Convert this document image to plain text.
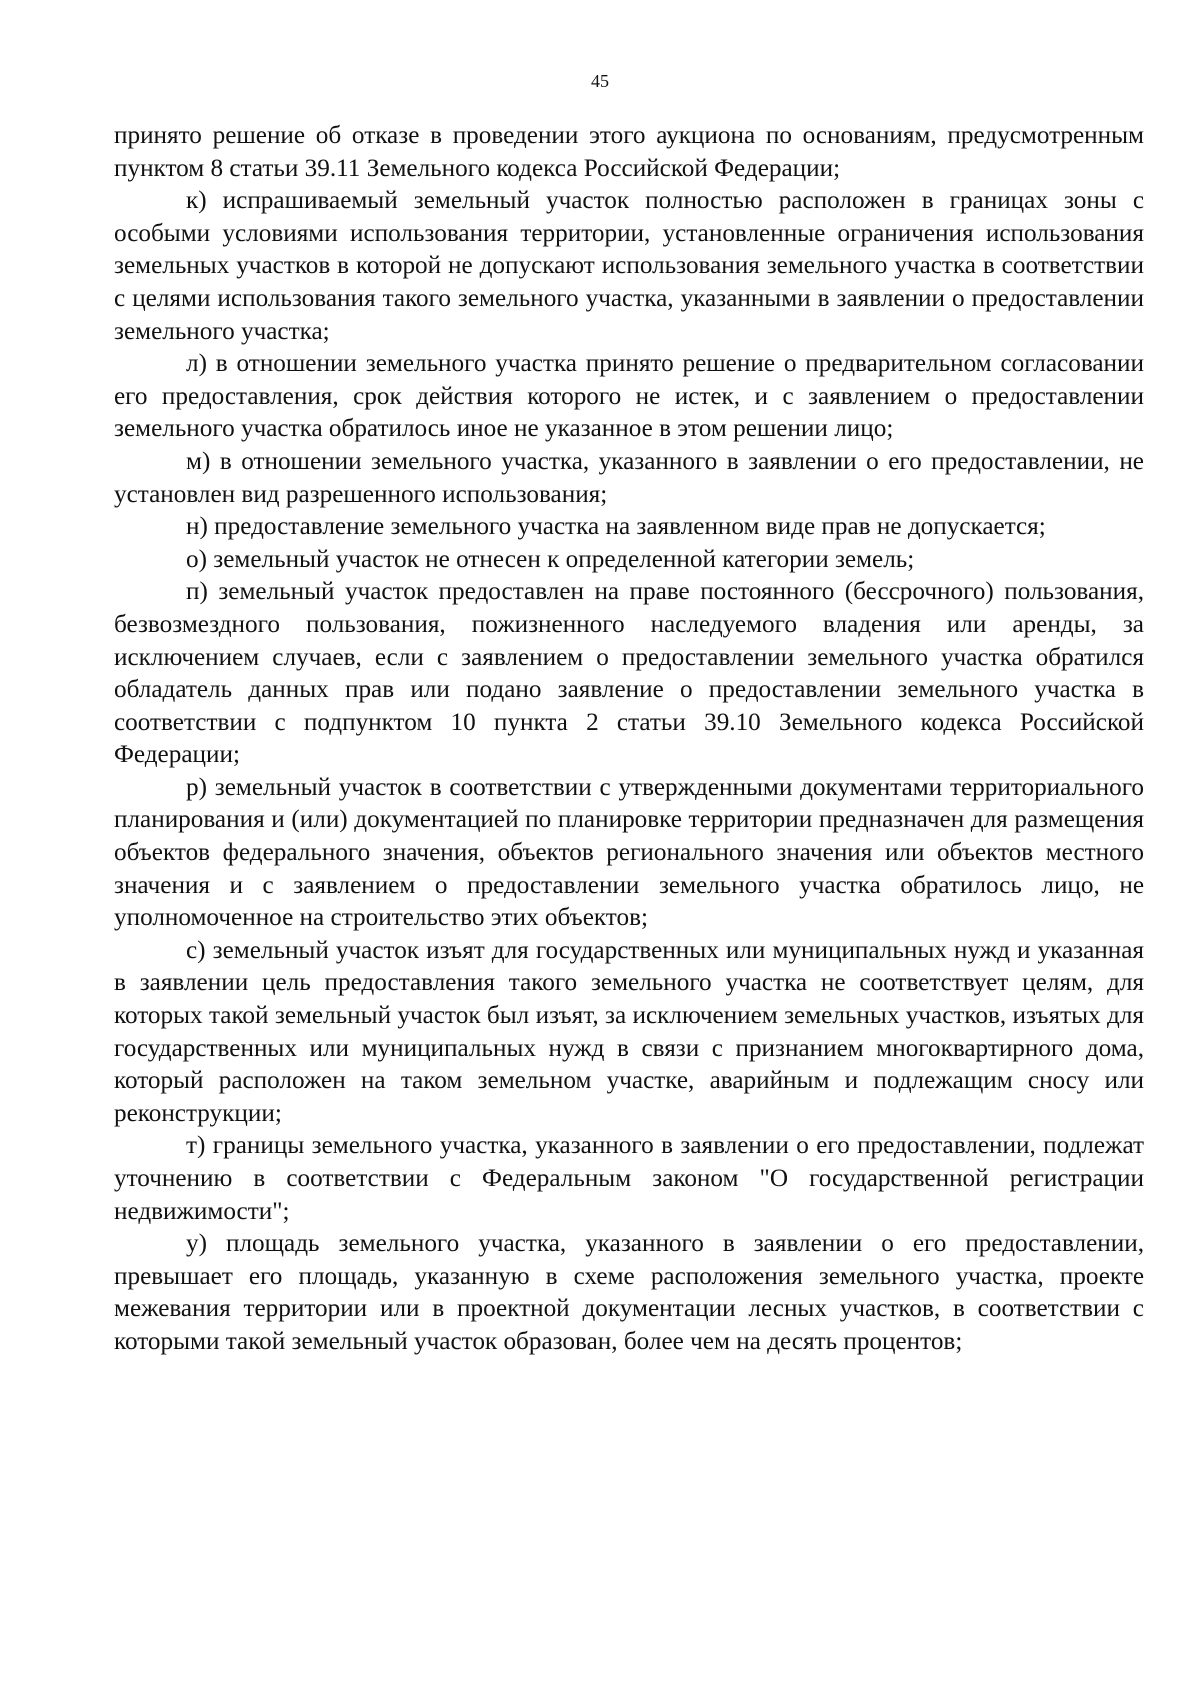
45

принято решение об отказе в проведении этого аукциона по основаниям, предусмотренным пунктом 8 статьи 39.11 Земельного кодекса Российской Федерации;

к) испрашиваемый земельный участок полностью расположен в границах зоны с особыми условиями использования территории, установленные ограничения использования земельных участков в которой не допускают использования земельного участка в соответствии с целями использования такого земельного участка, указанными в заявлении о предоставлении земельного участка;

л) в отношении земельного участка принято решение о предварительном согласовании его предоставления, срок действия которого не истек, и с заявлением о предоставлении земельного участка обратилось иное не указанное в этом решении лицо;

м) в отношении земельного участка, указанного в заявлении о его предоставлении, не установлен вид разрешенного использования;

н) предоставление земельного участка на заявленном виде прав не допускается;

о) земельный участок не отнесен к определенной категории земель;

п) земельный участок предоставлен на праве постоянного (бессрочного) пользования, безвозмездного пользования, пожизненного наследуемого владения или аренды, за исключением случаев, если с заявлением о предоставлении земельного участка обратился обладатель данных прав или подано заявление о предоставлении земельного участка в соответствии с подпунктом 10 пункта 2 статьи 39.10 Земельного кодекса Российской Федерации;

р) земельный участок в соответствии с утвержденными документами территориального планирования и (или) документацией по планировке территории предназначен для размещения объектов федерального значения, объектов регионального значения или объектов местного значения и с заявлением о предоставлении земельного участка обратилось лицо, не уполномоченное на строительство этих объектов;

с) земельный участок изъят для государственных или муниципальных нужд и указанная в заявлении цель предоставления такого земельного участка не соответствует целям, для которых такой земельный участок был изъят, за исключением земельных участков, изъятых для государственных или муниципальных нужд в связи с признанием многоквартирного дома, который расположен на таком земельном участке, аварийным и подлежащим сносу или реконструкции;

т) границы земельного участка, указанного в заявлении о его предоставлении, подлежат уточнению в соответствии с Федеральным законом "О государственной регистрации недвижимости";

у) площадь земельного участка, указанного в заявлении о его предоставлении, превышает его площадь, указанную в схеме расположения земельного участка, проекте межевания территории или в проектной документации лесных участков, в соответствии с которыми такой земельный участок образован, более чем на десять процентов;
